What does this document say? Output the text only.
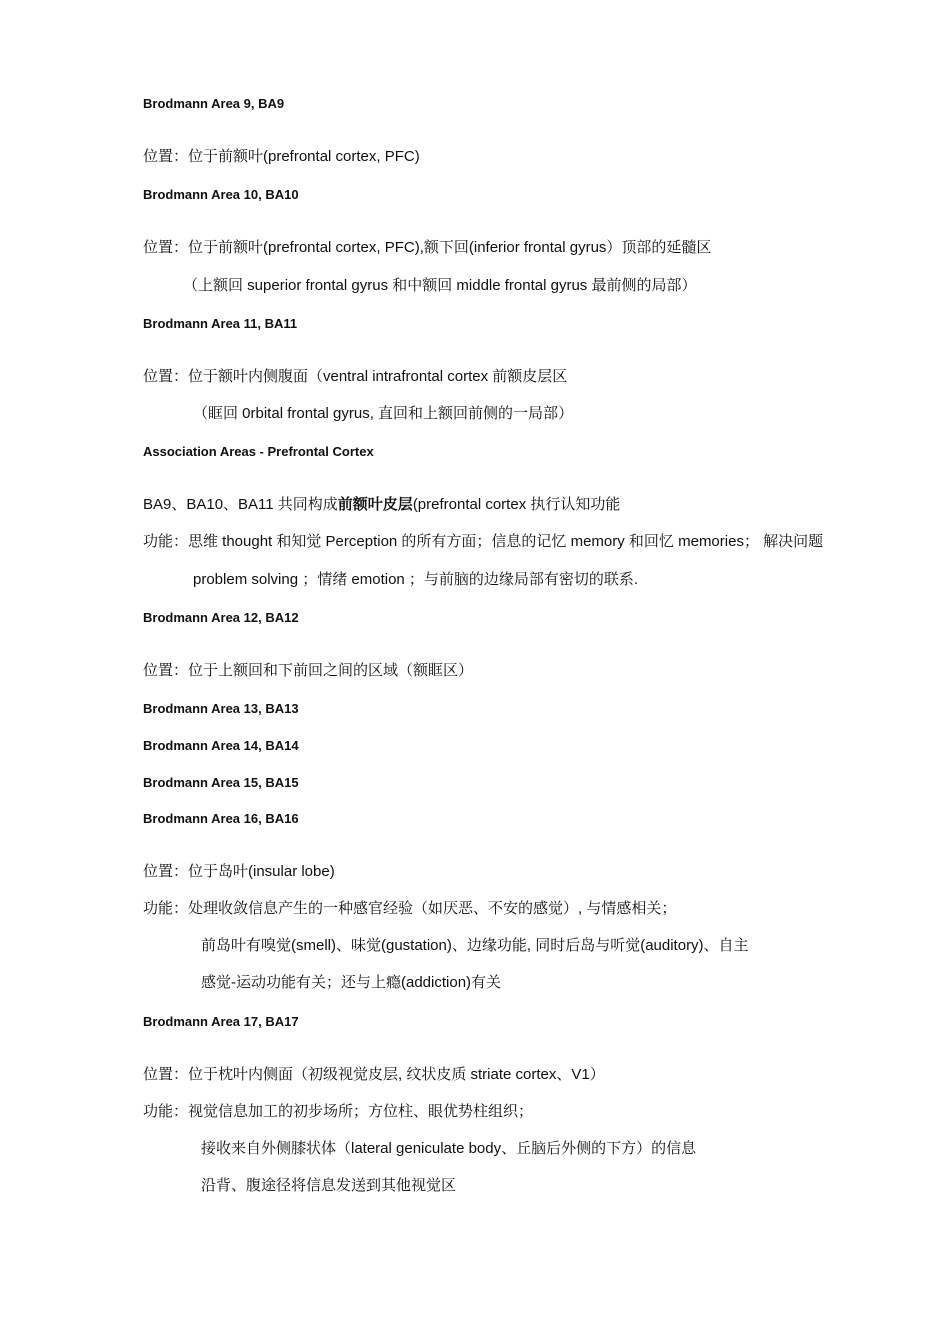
Brodmann Area 9, BA9
位置：位于前额叶(prefrontal cortex, PFC)
Brodmann Area 10, BA10
位置：位于前额叶(prefrontal cortex, PFC),额下回(inferior frontal gyrus）顶部的延髓区
（上额回 superior frontal gyrus 和中额回 middle frontal gyrus 最前侧的局部）
Brodmann Area 11, BA11
位置：位于额叶内侧腹面（ventral intrafrontal cortex 前额皮层区
（眶回 0rbital frontal gyrus, 直回和上额回前侧的一局部）
Association Areas - Prefrontal Cortex
BA9、BA10、BA11 共同构成前额叶皮层(prefrontal cortex 执行认知功能
功能：思维 thought 和知觉 Perception 的所有方面；信息的记忆 memory 和回忆 memories； 解决问题
problem solving ；情绪 emotion ；与前脑的边缘局部有密切的联系.
Brodmann Area 12, BA12
位置：位于上额回和下前回之间的区域（额眶区）
Brodmann Area 13, BA13
Brodmann Area 14, BA14
Brodmann Area 15, BA15
Brodmann Area 16, BA16
位置：位于岛叶(insular lobe)
功能：处理收敛信息产生的一种感官经验（如厌恶、不安的感觉）, 与情感相关；
前岛叶有嗅觉(smell)、味觉(gustation)、边缘功能, 同时后岛与听觉(auditory)、自主
感觉-运动功能有关；还与上瘾(addiction)有关
Brodmann Area 17, BA17
位置：位于枕叶内侧面（初级视觉皮层, 纹状皮质 striate cortex、V1）
功能：视觉信息加工的初步场所；方位柱、眼优势柱组织；
接收来自外侧膝状体（lateral geniculate body、丘脑后外侧的下方）的信息
沿背、腹途径将信息发送到其他视觉区
